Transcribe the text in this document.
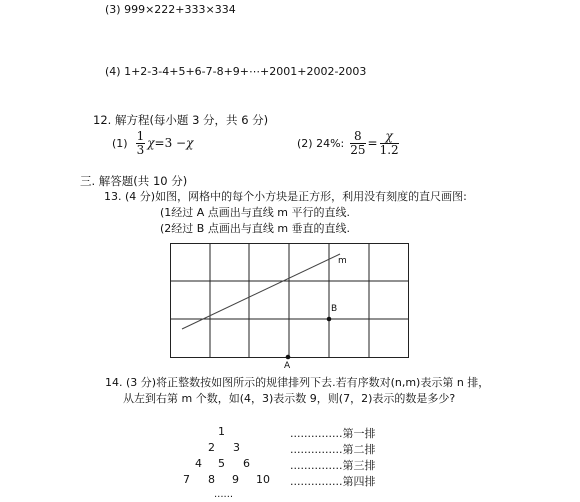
(3) 999×222+333×334
(4) 1+2-3-4+5+6-7-8+9+⋯+2001+2002-2003
12. 解方程(每小题 3 分，共 6 分)
$(1) \frac{1}{3}$ χ =3 − χ	(2) 24%: $\frac{8}{25} = \frac{\chi}{1.2}$
三. 解答题(共 10 分)
13. (4 分)如图，网格中的每个小方块是正方形，利用没有刻度的直尺画图:
(1经过 A 点画出与直线 m 平行的直线.
(2经过 B 点画出与直线 m 垂直的直线.
m
B
A
14. (3 分)将正整数按如图所示的规律排列下去.若有序数对(n,m)表示第 n 排，
从左到右第 m 个数，如(4，3)表示数 9，则(7，2)表示的数是多少?
1
2 3
4 5 6
7 8 9 10
......
...............第一排
...............第二排
...............第三排
...............第四排
